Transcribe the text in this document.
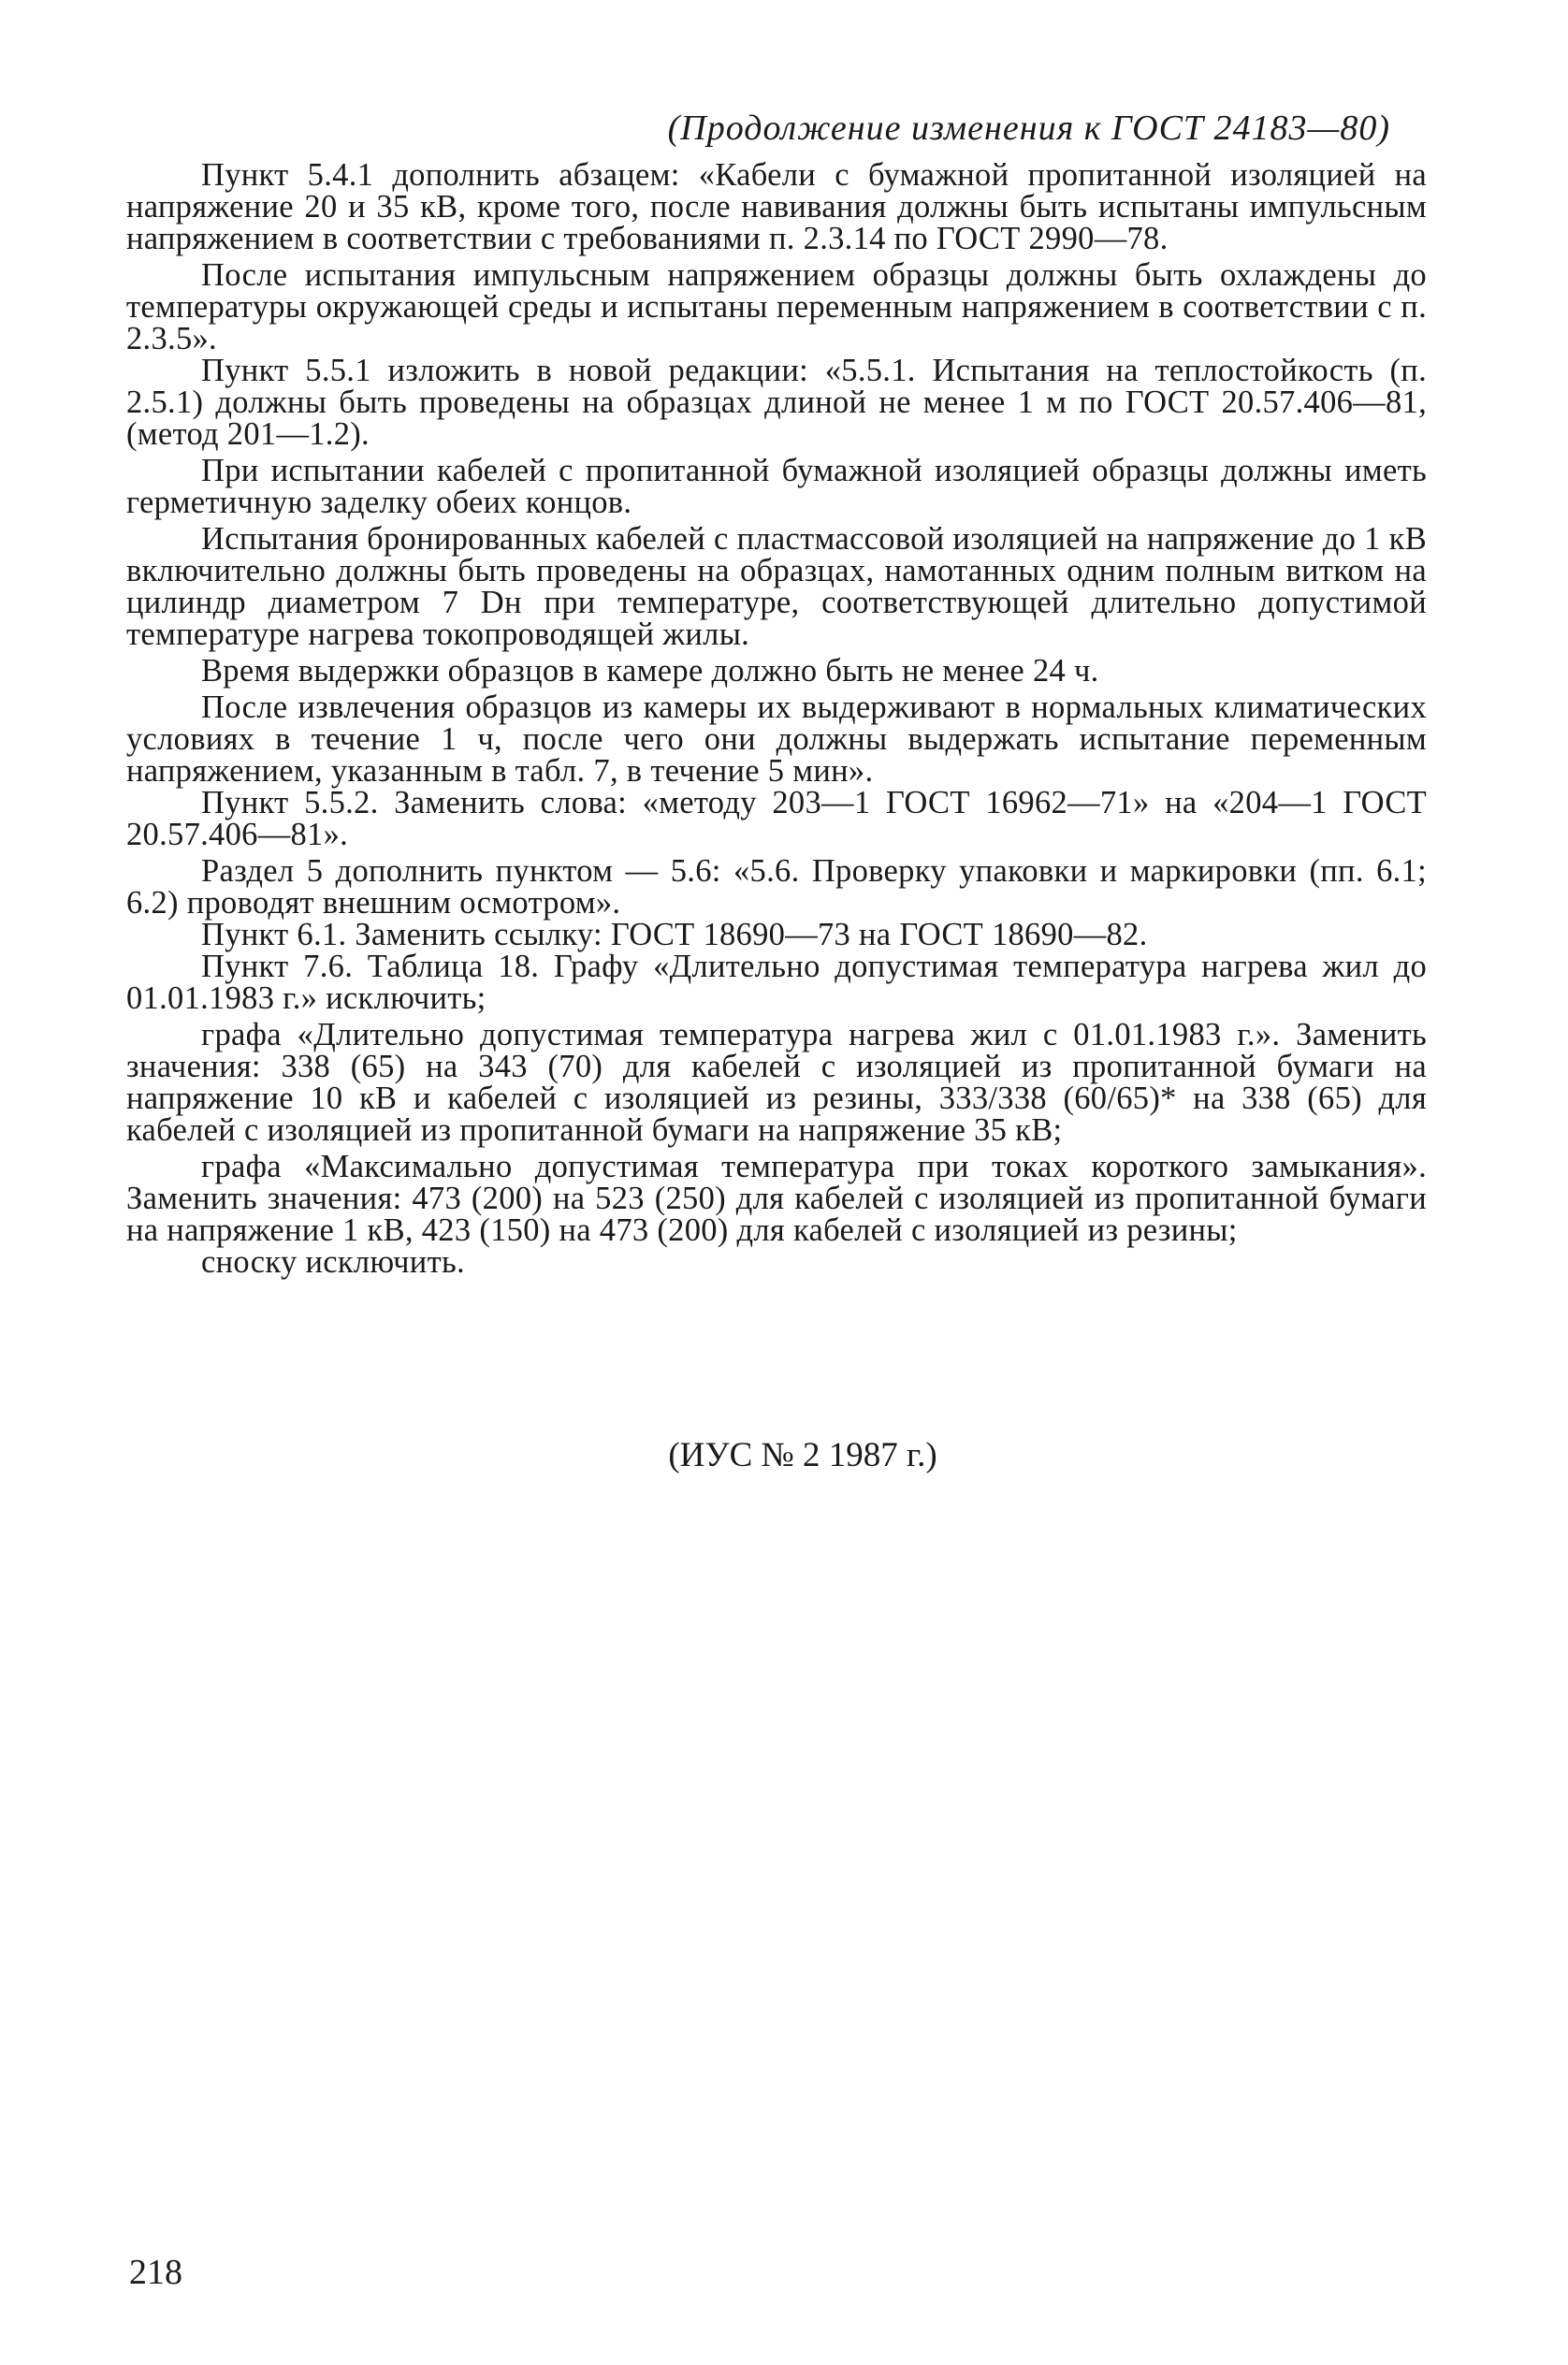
(Продолжение изменения к ГОСТ 24183—80)

Пункт 5.4.1 дополнить абзацем: «Кабели с бумажной пропитанной изоляцией на напряжение 20 и 35 кВ, кроме того, после навивания должны быть испытаны импульсным напряжением в соответствии с требованиями п. 2.3.14 по ГОСТ 2990—78.

После испытания импульсным напряжением образцы должны быть охлаждены до температуры окружающей среды и испытаны переменным напряжением в соответствии с п. 2.3.5».

Пункт 5.5.1 изложить в новой редакции: «5.5.1. Испытания на теплостойкость (п. 2.5.1) должны быть проведены на образцах длиной не менее 1 м по ГОСТ 20.57.406—81, (метод 201—1.2).

При испытании кабелей с пропитанной бумажной изоляцией образцы должны иметь герметичную заделку обеих концов.

Испытания бронированных кабелей с пластмассовой изоляцией на напряжение до 1 кВ включительно должны быть проведены на образцах, намотанных одним полным витком на цилиндр диаметром 7 Dн при температуре, соответствующей длительно допустимой температуре нагрева токопроводящей жилы.

Время выдержки образцов в камере должно быть не менее 24 ч.

После извлечения образцов из камеры их выдерживают в нормальных климатических условиях в течение 1 ч, после чего они должны выдержать испытание переменным напряжением, указанным в табл. 7, в течение 5 мин».

Пункт 5.5.2. Заменить слова: «методу 203—1 ГОСТ 16962—71» на «204—1 ГОСТ 20.57.406—81».

Раздел 5 дополнить пунктом — 5.6: «5.6. Проверку упаковки и маркировки (пп. 6.1; 6.2) проводят внешним осмотром».

Пункт 6.1. Заменить ссылку: ГОСТ 18690—73 на ГОСТ 18690—82.

Пункт 7.6. Таблица 18. Графу «Длительно допустимая температура нагрева жил до 01.01.1983 г.» исключить;

графа «Длительно допустимая температура нагрева жил с 01.01.1983 г.». Заменить значения: 338 (65) на 343 (70) для кабелей с изоляцией из пропитанной бумаги на напряжение 10 кВ и кабелей с изоляцией из резины, 333/338 (60/65)* на 338 (65) для кабелей с изоляцией из пропитанной бумаги на напряжение 35 кВ;

графа «Максимально допустимая температура при токах короткого замыкания». Заменить значения: 473 (200) на 523 (250) для кабелей с изоляцией из пропитанной бумаги на напряжение 1 кВ, 423 (150) на 473 (200) для кабелей с изоляцией из резины;

сноску исключить.

(ИУС № 2 1987 г.)
218
